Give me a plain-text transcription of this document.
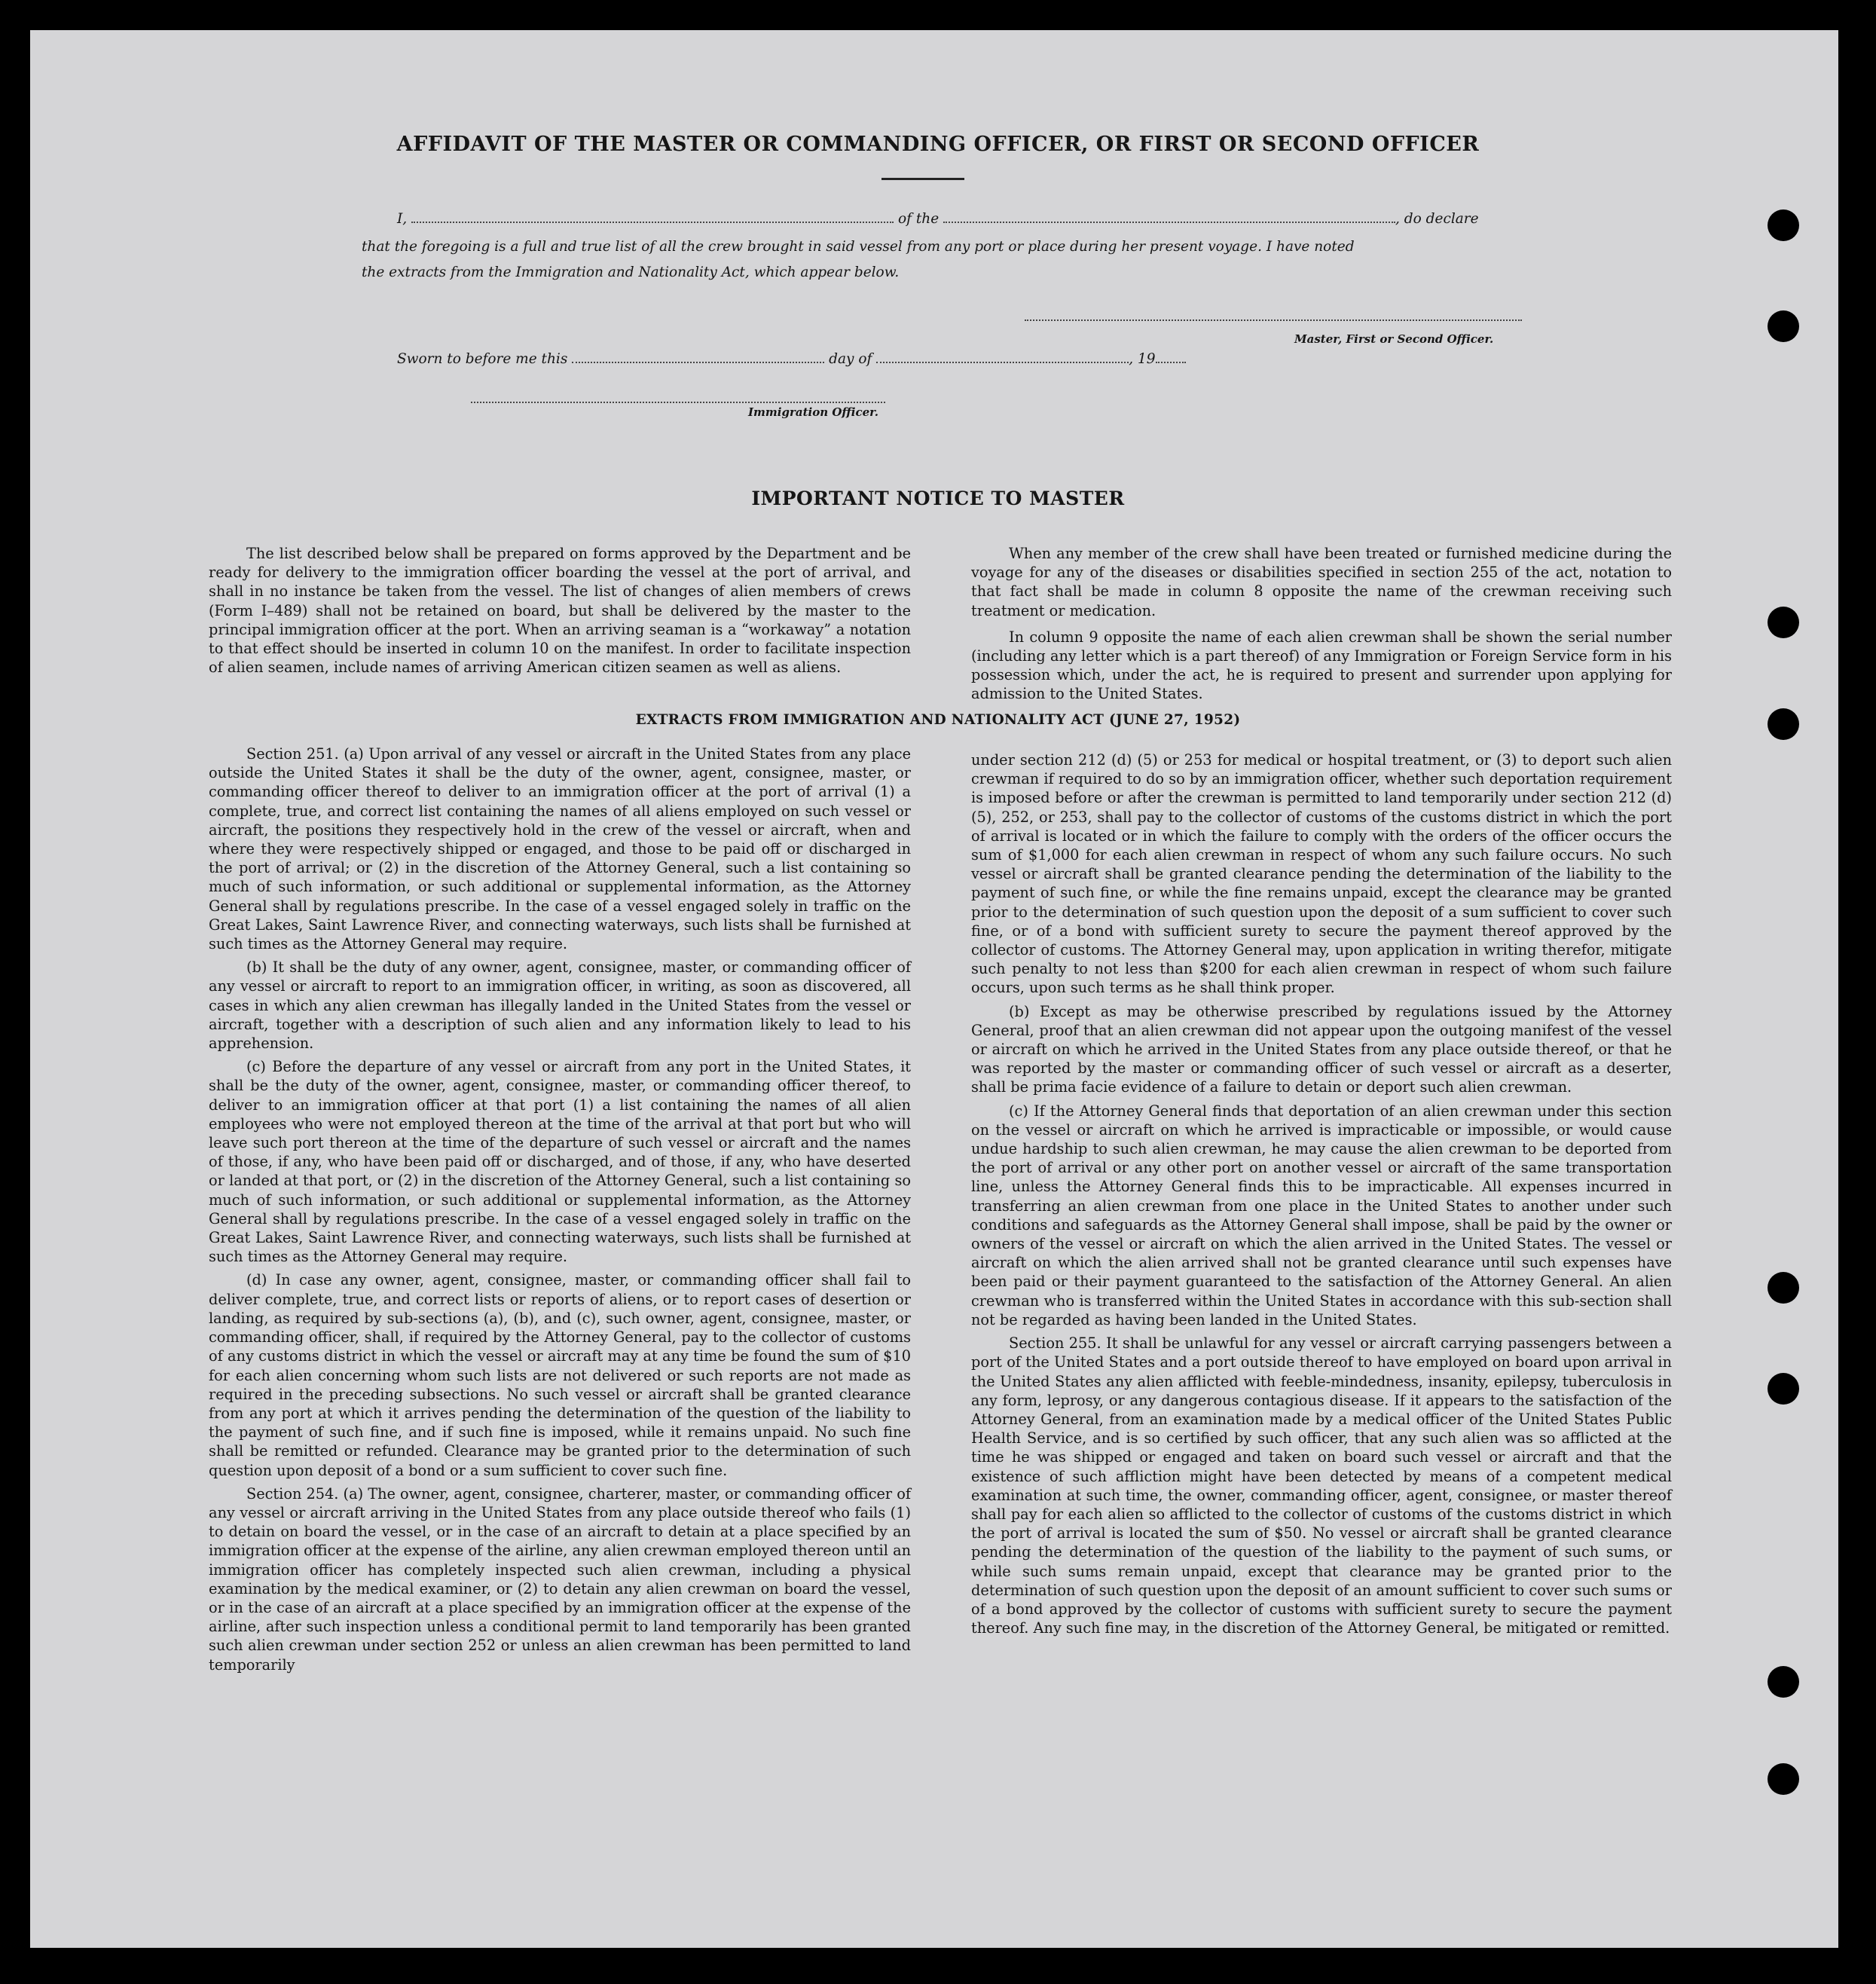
AFFIDAVIT OF THE MASTER OR COMMANDING OFFICER, OR FIRST OR SECOND OFFICER
I,	of the	, do declare
that the foregoing is a full and true list of all the crew brought in said vessel from any port or place during her present voyage. I have noted
the extracts from the Immigration and Nationality Act, which appear below.
Master, First or Second Officer.
Sworn to before me this	day of	, 19
Immigration Officer.
IMPORTANT NOTICE TO MASTER

The list described below shall be prepared on forms approved by the Department and be ready for delivery to the immigration officer boarding the vessel at the port of arrival, and shall in no instance be taken from the vessel. The list of changes of alien members of crews (Form I–489) shall not be retained on board, but shall be delivered by the master to the principal immigration officer at the port. When an arriving seaman is a “workaway” a notation to that effect should be inserted in column 10 on the manifest. In order to facilitate inspection of alien seamen, include names of arriving American citizen seamen as well as aliens.

When any member of the crew shall have been treated or furnished medicine during the voyage for any of the diseases or disabilities specified in section 255 of the act, notation to that fact shall be made in column 8 opposite the name of the crewman receiving such treatment or medication.

In column 9 opposite the name of each alien crewman shall be shown the serial number (including any letter which is a part thereof) of any Immigration or Foreign Service form in his possession which, under the act, he is required to present and surrender upon applying for admission to the United States.

EXTRACTS FROM IMMIGRATION AND NATIONALITY ACT (JUNE 27, 1952)

Section 251. (a) Upon arrival of any vessel or aircraft in the United States from any place outside the United States it shall be the duty of the owner, agent, consignee, master, or commanding officer thereof to deliver to an immigration officer at the port of arrival (1) a complete, true, and correct list containing the names of all aliens employed on such vessel or aircraft, the positions they respectively hold in the crew of the vessel or aircraft, when and where they were respectively shipped or engaged, and those to be paid off or discharged in the port of arrival; or (2) in the discretion of the Attorney General, such a list containing so much of such information, or such additional or supplemental information, as the Attorney General shall by regulations prescribe. In the case of a vessel engaged solely in traffic on the Great Lakes, Saint Lawrence River, and connecting waterways, such lists shall be furnished at such times as the Attorney General may require.

(b) It shall be the duty of any owner, agent, consignee, master, or commanding officer of any vessel or aircraft to report to an immigration officer, in writing, as soon as discovered, all cases in which any alien crewman has illegally landed in the United States from the vessel or aircraft, together with a description of such alien and any information likely to lead to his apprehension.

(c) Before the departure of any vessel or aircraft from any port in the United States, it shall be the duty of the owner, agent, consignee, master, or commanding officer thereof, to deliver to an immigration officer at that port (1) a list containing the names of all alien employees who were not employed thereon at the time of the arrival at that port but who will leave such port thereon at the time of the departure of such vessel or aircraft and the names of those, if any, who have been paid off or discharged, and of those, if any, who have deserted or landed at that port, or (2) in the discretion of the Attorney General, such a list containing so much of such information, or such additional or supplemental information, as the Attorney General shall by regulations prescribe. In the case of a vessel engaged solely in traffic on the Great Lakes, Saint Lawrence River, and connecting waterways, such lists shall be furnished at such times as the Attorney General may require.

(d) In case any owner, agent, consignee, master, or commanding officer shall fail to deliver complete, true, and correct lists or reports of aliens, or to report cases of desertion or landing, as required by sub-sections (a), (b), and (c), such owner, agent, consignee, master, or commanding officer, shall, if required by the Attorney General, pay to the collector of customs of any customs district in which the vessel or aircraft may at any time be found the sum of $10 for each alien concerning whom such lists are not delivered or such reports are not made as required in the preceding subsections. No such vessel or aircraft shall be granted clearance from any port at which it arrives pending the determination of the question of the liability to the payment of such fine, and if such fine is imposed, while it remains unpaid. No such fine shall be remitted or refunded. Clearance may be granted prior to the determination of such question upon deposit of a bond or a sum sufficient to cover such fine.

Section 254. (a) The owner, agent, consignee, charterer, master, or commanding officer of any vessel or aircraft arriving in the United States from any place outside thereof who fails (1) to detain on board the vessel, or in the case of an aircraft to detain at a place specified by an immigration officer at the expense of the airline, any alien crewman employed thereon until an immigration officer has completely inspected such alien crewman, including a physical examination by the medical examiner, or (2) to detain any alien crewman on board the vessel, or in the case of an aircraft at a place specified by an immigration officer at the expense of the airline, after such inspection unless a conditional permit to land temporarily has been granted such alien crewman under section 252 or unless an alien crewman has been permitted to land temporarily

under section 212 (d) (5) or 253 for medical or hospital treatment, or (3) to deport such alien crewman if required to do so by an immigration officer, whether such deportation requirement is imposed before or after the crewman is permitted to land temporarily under section 212 (d) (5), 252, or 253, shall pay to the collector of customs of the customs district in which the port of arrival is located or in which the failure to comply with the orders of the officer occurs the sum of $1,000 for each alien crewman in respect of whom any such failure occurs. No such vessel or aircraft shall be granted clearance pending the determination of the liability to the payment of such fine, or while the fine remains unpaid, except the clearance may be granted prior to the determination of such question upon the deposit of a sum sufficient to cover such fine, or of a bond with sufficient surety to secure the payment thereof approved by the collector of customs. The Attorney General may, upon application in writing therefor, mitigate such penalty to not less than $200 for each alien crewman in respect of whom such failure occurs, upon such terms as he shall think proper.

(b) Except as may be otherwise prescribed by regulations issued by the Attorney General, proof that an alien crewman did not appear upon the outgoing manifest of the vessel or aircraft on which he arrived in the United States from any place outside thereof, or that he was reported by the master or commanding officer of such vessel or aircraft as a deserter, shall be prima facie evidence of a failure to detain or deport such alien crewman.

(c) If the Attorney General finds that deportation of an alien crewman under this section on the vessel or aircraft on which he arrived is impracticable or impossible, or would cause undue hardship to such alien crewman, he may cause the alien crewman to be deported from the port of arrival or any other port on another vessel or aircraft of the same transportation line, unless the Attorney General finds this to be impracticable. All expenses incurred in transferring an alien crewman from one place in the United States to another under such conditions and safeguards as the Attorney General shall impose, shall be paid by the owner or owners of the vessel or aircraft on which the alien arrived in the United States. The vessel or aircraft on which the alien arrived shall not be granted clearance until such expenses have been paid or their payment guaranteed to the satisfaction of the Attorney General. An alien crewman who is transferred within the United States in accordance with this sub-section shall not be regarded as having been landed in the United States.

Section 255. It shall be unlawful for any vessel or aircraft carrying passengers between a port of the United States and a port outside thereof to have employed on board upon arrival in the United States any alien afflicted with feeble-mindedness, insanity, epilepsy, tuberculosis in any form, leprosy, or any dangerous contagious disease. If it appears to the satisfaction of the Attorney General, from an examination made by a medical officer of the United States Public Health Service, and is so certified by such officer, that any such alien was so afflicted at the time he was shipped or engaged and taken on board such vessel or aircraft and that the existence of such affliction might have been detected by means of a competent medical examination at such time, the owner, commanding officer, agent, consignee, or master thereof shall pay for each alien so afflicted to the collector of customs of the customs district in which the port of arrival is located the sum of $50. No vessel or aircraft shall be granted clearance pending the determination of the question of the liability to the payment of such sums, or while such sums remain unpaid, except that clearance may be granted prior to the determination of such question upon the deposit of an amount sufficient to cover such sums or of a bond approved by the collector of customs with sufficient surety to secure the payment thereof. Any such fine may, in the discretion of the Attorney General, be mitigated or remitted.
